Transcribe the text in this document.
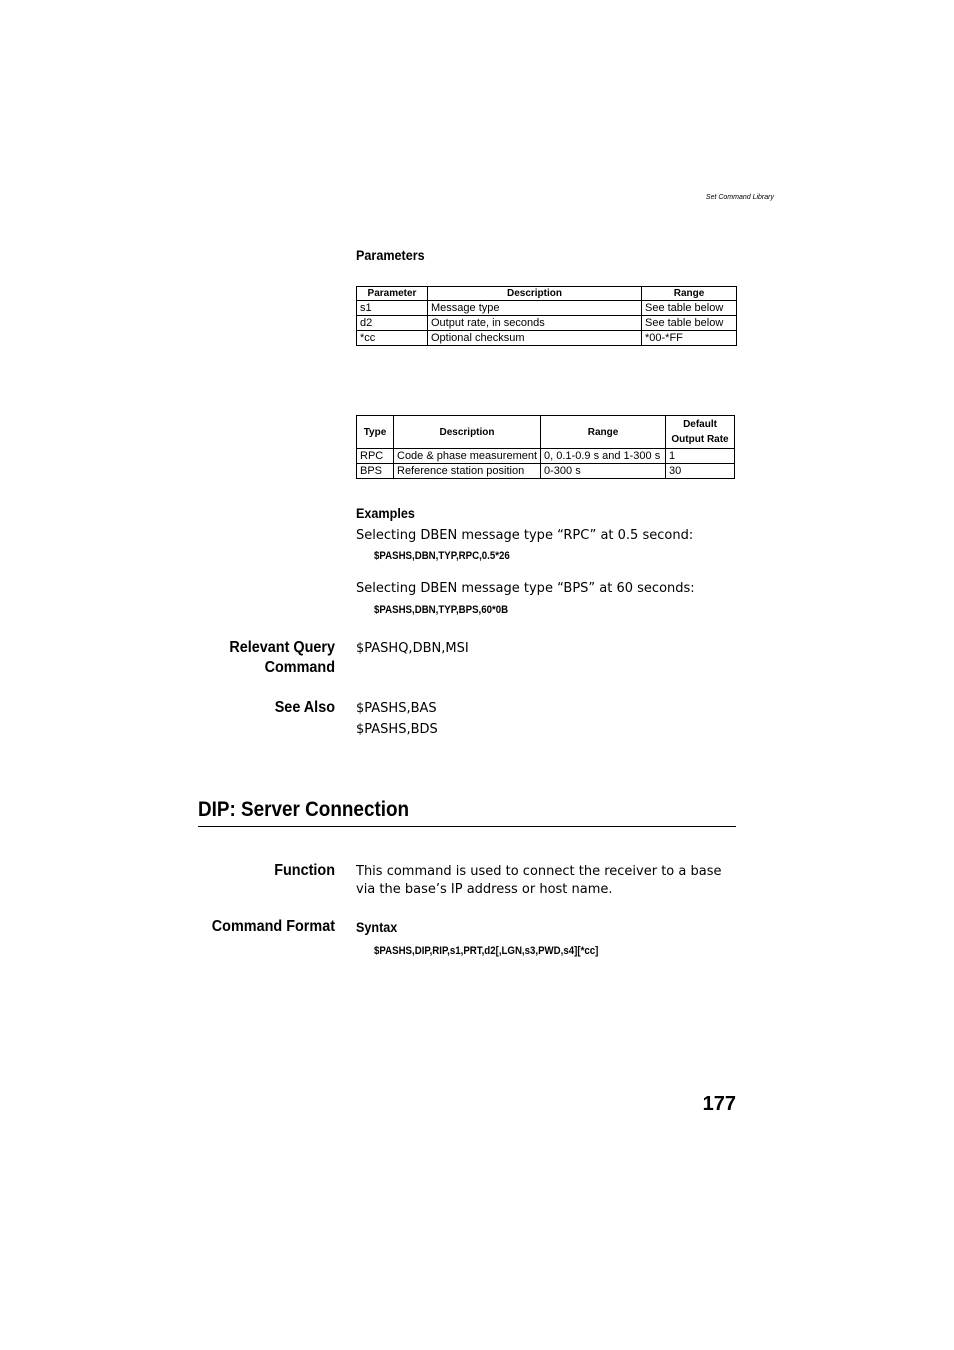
Set Command Library
Parameters
Parameter	Description	Range
s1	Message type	See table below
d2	Output rate, in seconds	See table below
*cc	Optional checksum	*00-*FF
Type	Description	Range	Default
Output Rate
RPC	Code & phase measurement	0, 0.1-0.9 s and 1-300 s	1
BPS	Reference station position	0-300 s	30
Examples
Selecting DBEN message type “RPC” at 0.5 second:
$PASHS,DBN,TYP,RPC,0.5*26
Selecting DBEN message type “BPS” at 60 seconds:
$PASHS,DBN,TYP,BPS,60*0B
Relevant Query
Command
$PASHQ,DBN,MSI
See Also $PASHS,BAS
$PASHS,BDS
DIP: Server Connection
Function This command is used to connect the receiver to a base via the base’s IP address or host name.
Command Format Syntax
$PASHS,DIP,RIP,s1,PRT,d2[,LGN,s3,PWD,s4][*cc]
177
